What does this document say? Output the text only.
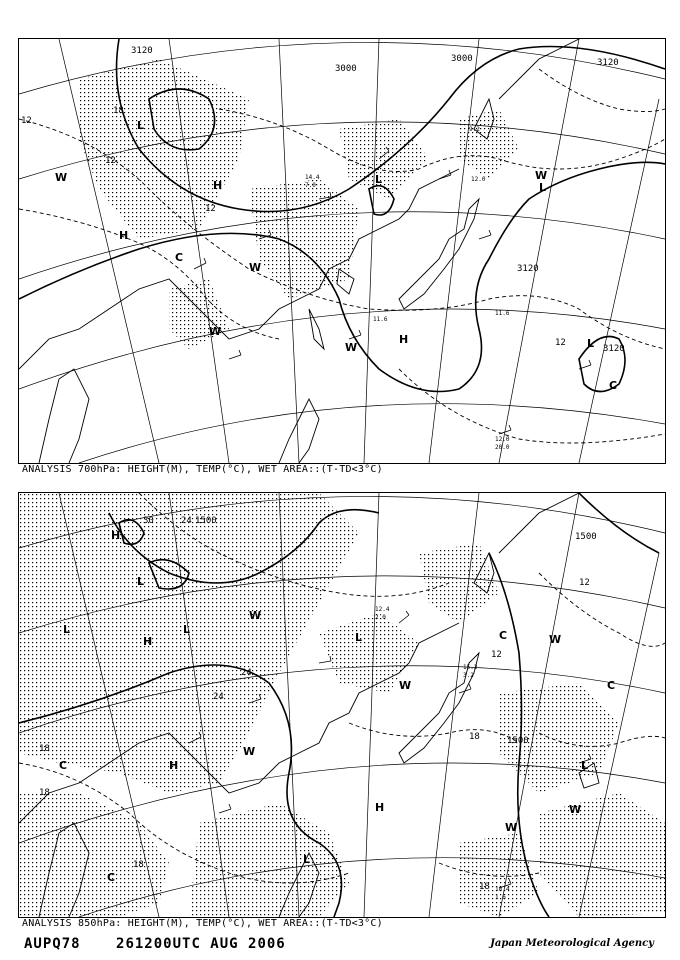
3120
3000
3000	3120
3120
3120
12
18
12
12
12
H
L
W
H
C
W
L
H
W
W
L
W
L
C
11.6
11.6
12.0
20.0
9.2
12.0
14.4
7.0
ANALYSIS 700hPa: HEIGHT(M), TEMP(°C), WET AREA::(T-TD<3°C)
1500
1500
1500
30	24
24
24
18
18
18
18
12
12
18
H
L
L
H
L
W
L	C	W
H
W
L
C
W
C
W
L
W
C
H
18.4
1.6
15.2
3.2
12.4
2.0
ANALYSIS 850hPa: HEIGHT(M), TEMP(°C), WET AREA::(T-TD<3°C)
AUPQ78	261200UTC AUG 2006	Japan Meteorological Agency
